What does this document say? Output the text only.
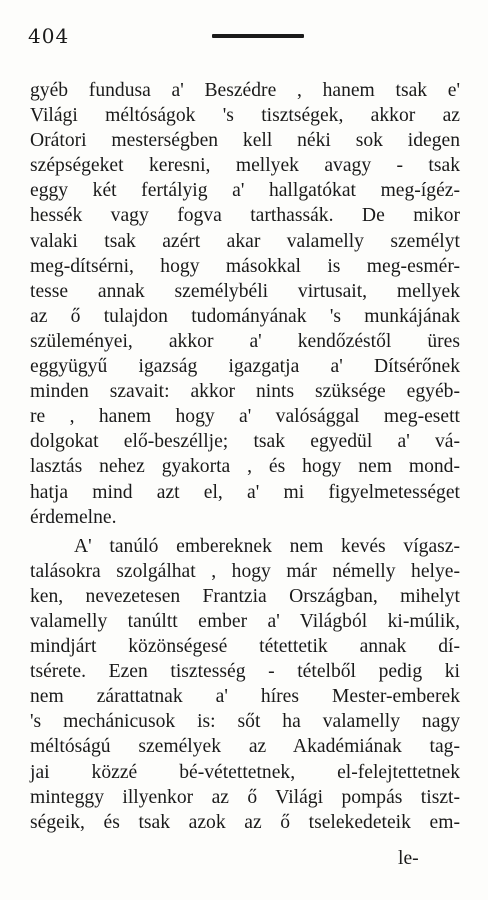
404
gyéb fundusa a' Beszédre , hanem tsak e'
Világi méltóságok 's tisztségek, akkor az
Orátori mesterségben kell néki sok idegen
szépségeket keresni, mellyek avagy - tsak
eggy két fertályig a' hallgatókat meg-ígéz-
hessék vagy fogva tarthassák. De mikor
valaki tsak azért akar valamelly személyt
meg-dítsérni, hogy másokkal is meg-esmér-
tesse annak személybéli virtusait, mellyek
az ő tulajdon tudományának 's munkájának
szüleményei, akkor a' kendőzéstől üres
eggyügyű igazság igazgatja a' Dítsérőnek
minden szavait: akkor nints szükségе egyéb-
re , hanem hogy a' valósággal meg-esett
dolgokat elő-beszéllje; tsak egyedül a' vá-
lasztás nehez gyakorta , és hogy nem mond-
hatja mind azt el, a' mi figyelmetességet
érdemelne.
A' tanúló embereknek nem kevés vígasz-
talásokra szolgálhat , hogy már némelly helye-
ken, nevezetesen Frantzia Országban, mihelyt
valamelly tanúltt ember a' Világból ki-múlik,
mindjárt közönségesé tétettetik annak dí-
tsérete. Ezen tisztesség - tételből pedig ki
nem zárattatnak a' híres Mester-emberek
's mechánicusok is: sőt ha valamelly nagy
méltóságú személyek az Akadémiának tag-
jai közzé bé-vétettetnek, el-felejtettetnek
minteggy illyenkor az ő Világi pompás tiszt-
ségeik, és tsak azok az ő tselekedeteik em-
le-
